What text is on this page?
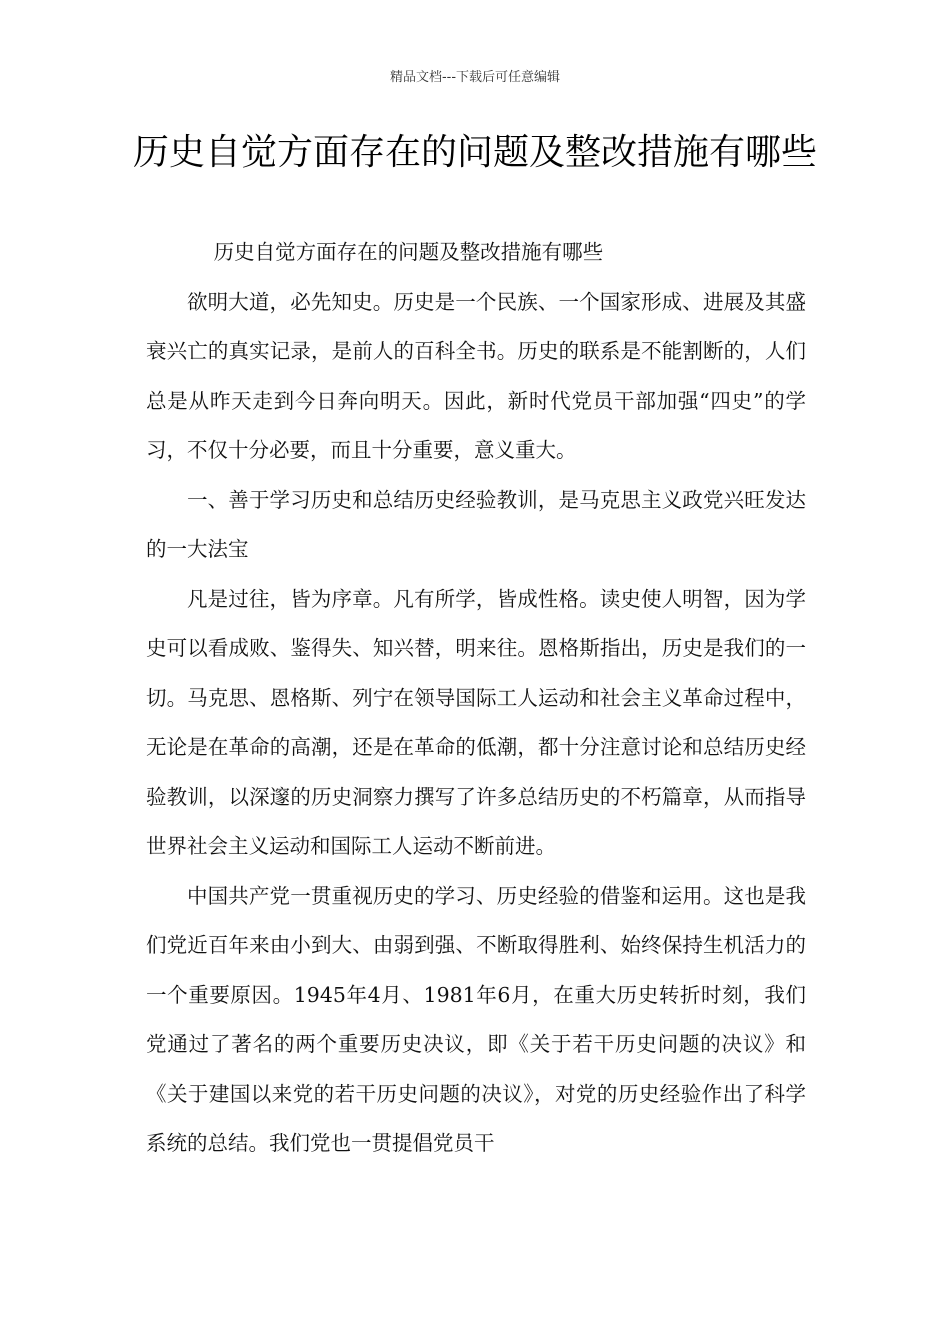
精品文档---下载后可任意编辑
历史自觉方面存在的问题及整改措施有哪些

历史自觉方面存在的问题及整改措施有哪些

欲明大道，必先知史。历史是一个民族、一个国家形成、进展及其盛衰兴亡的真实记录，是前人的百科全书。历史的联系是不能割断的，人们总是从昨天走到今日奔向明天。因此，新时代党员干部加强“四史”的学习，不仅十分必要，而且十分重要，意义重大。

一、善于学习历史和总结历史经验教训，是马克思主义政党兴旺发达的一大法宝

凡是过往，皆为序章。凡有所学，皆成性格。读史使人明智，因为学史可以看成败、鉴得失、知兴替，明来往。恩格斯指出，历史是我们的一切。马克思、恩格斯、列宁在领导国际工人运动和社会主义革命过程中，无论是在革命的高潮，还是在革命的低潮，都十分注意讨论和总结历史经验教训，以深邃的历史洞察力撰写了许多总结历史的不朽篇章，从而指导世界社会主义运动和国际工人运动不断前进。

中国共产党一贯重视历史的学习、历史经验的借鉴和运用。这也是我们党近百年来由小到大、由弱到强、不断取得胜利、始终保持生机活力的一个重要原因。1945年4月、1981年6月，在重大历史转折时刻，我们党通过了著名的两个重要历史决议，即《关于若干历史问题的决议》和《关于建国以来党的若干历史问题的决议》，对党的历史经验作出了科学系统的总结。我们党也一贯提倡党员干
